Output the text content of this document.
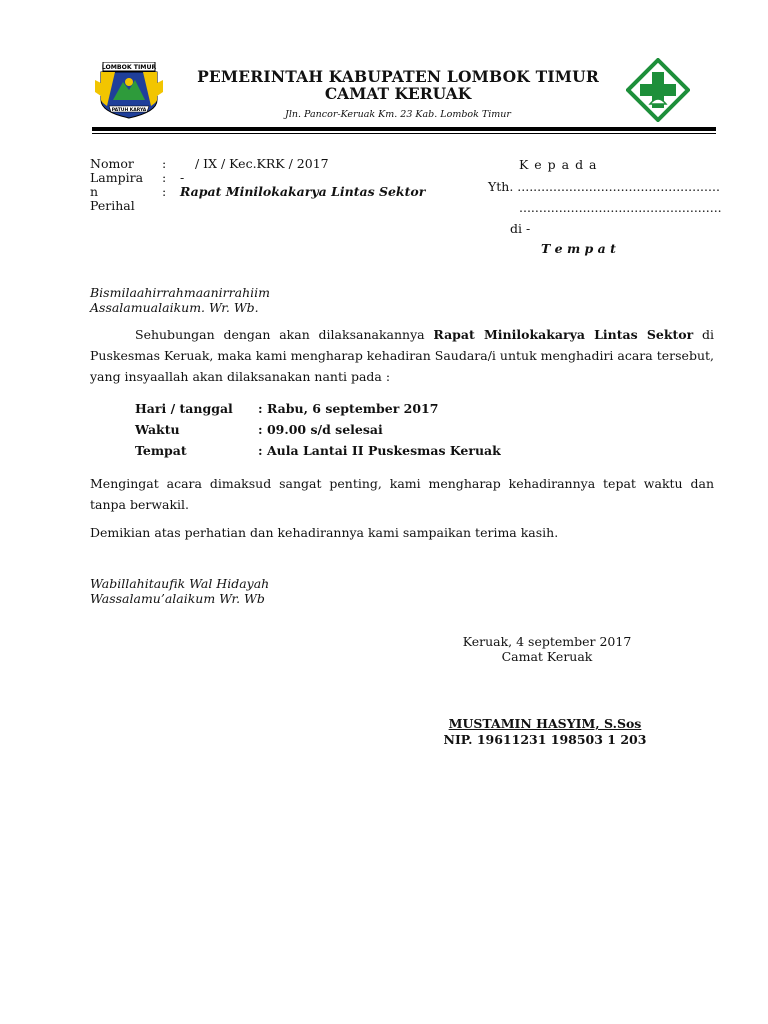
LOMBOK TIMUR
PATUH KARYA
PEMERINTAH KABUPATEN LOMBOK TIMUR
CAMAT KERUAK
Jln. Pancor-Keruak Km. 23 Kab. Lombok Timur
Nomor : / IX / Kec.KRK / 2017
Lampira : -
n	: Rapat Minilokakarya Lintas Sektor
Perihal
K e p a d a
Yth. ...................................................
...................................................
di -
T e m p a t
Bismilaahirrahmaanirrahiim
Assalamualaikum. Wr. Wb.
Sehubungan dengan akan dilaksanakannya Rapat Minilokakarya Lintas Sektor di Puskesmas Keruak, maka kami mengharap kehadiran Saudara/i untuk menghadiri acara tersebut, yang insyaallah akan dilaksanakan nanti pada :
Hari / tanggal : Rabu, 6 september 2017
Waktu	: 09.00 s/d selesai
Tempat	: Aula Lantai II Puskesmas Keruak
Mengingat acara dimaksud sangat penting, kami mengharap kehadirannya tepat waktu dan tanpa berwakil.
Demikian atas perhatian dan kehadirannya kami sampaikan terima kasih.
Wabillahitaufik Wal Hidayah
Wassalamu’alaikum Wr. Wb
Keruak, 4 september 2017
Camat Keruak
MUSTAMIN HASYIM, S.Sos
NIP. 19611231 198503 1 203
